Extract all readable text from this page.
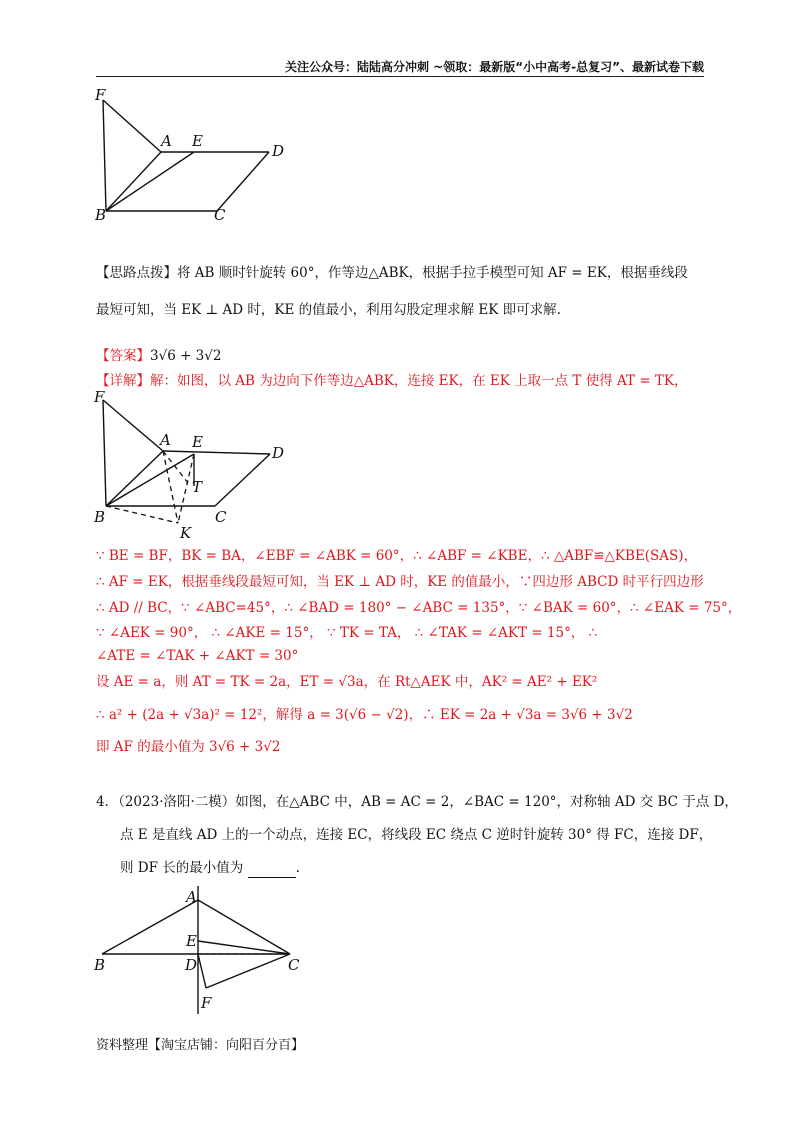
关注公众号：陆陆高分冲刺 ~领取：最新版“小中高考-总复习”、最新试卷下载
F
A E
D
B	C
【思路点拨】将 AB 顺时针旋转 60°，作等边△ABK，根据手拉手模型可知 AF = EK，根据垂线段
最短可知，当 EK ⊥ AD 时，KE 的值最小，利用勾股定理求解 EK 即可求解.
【答案】3√6 + 3√2
【详解】解：如图，以 AB 为边向下作等边△ABK，连接 EK，在 EK 上取一点 T 使得 AT = TK，
F
A E
D
T
B
K
C
∵ BE = BF，BK = BA，∠EBF = ∠ABK = 60°，∴ ∠ABF = ∠KBE，∴ △ABF≌△KBE(SAS)，
∴ AF = EK，根据垂线段最短可知，当 EK ⊥ AD 时，KE 的值最小，∵四边形 ABCD 时平行四边形
∴ AD // BC，∵ ∠ABC=45°，∴ ∠BAD = 180° − ∠ABC = 135°，∵ ∠BAK = 60°，∴ ∠EAK = 75°，
∵ ∠AEK = 90°， ∴ ∠AKE = 15°， ∵ TK = TA， ∴ ∠TAK = ∠AKT = 15°， ∴
∠ATE = ∠TAK + ∠AKT = 30°
设 AE = a，则 AT = TK = 2a，ET = √3a，在 Rt△AEK 中，AK² = AE² + EK²
∴ a² + (2a + √3a)² = 12²，解得 a = 3(√6 − √2)，∴ EK = 2a + √3a = 3√6 + 3√2
即 AF 的最小值为 3√6 + 3√2
4．（2023·洛阳·二模）如图，在△ABC 中，AB = AC = 2，∠BAC = 120°，对称轴 AD 交 BC 于点 D，
点 E 是直线 AD 上的一个动点，连接 EC，将线段 EC 绕点 C 逆时针旋转 30° 得 FC，连接 DF，
则 DF 长的最小值为	.
A
E
B	D	C
F
资料整理【淘宝店铺：向阳百分百】
